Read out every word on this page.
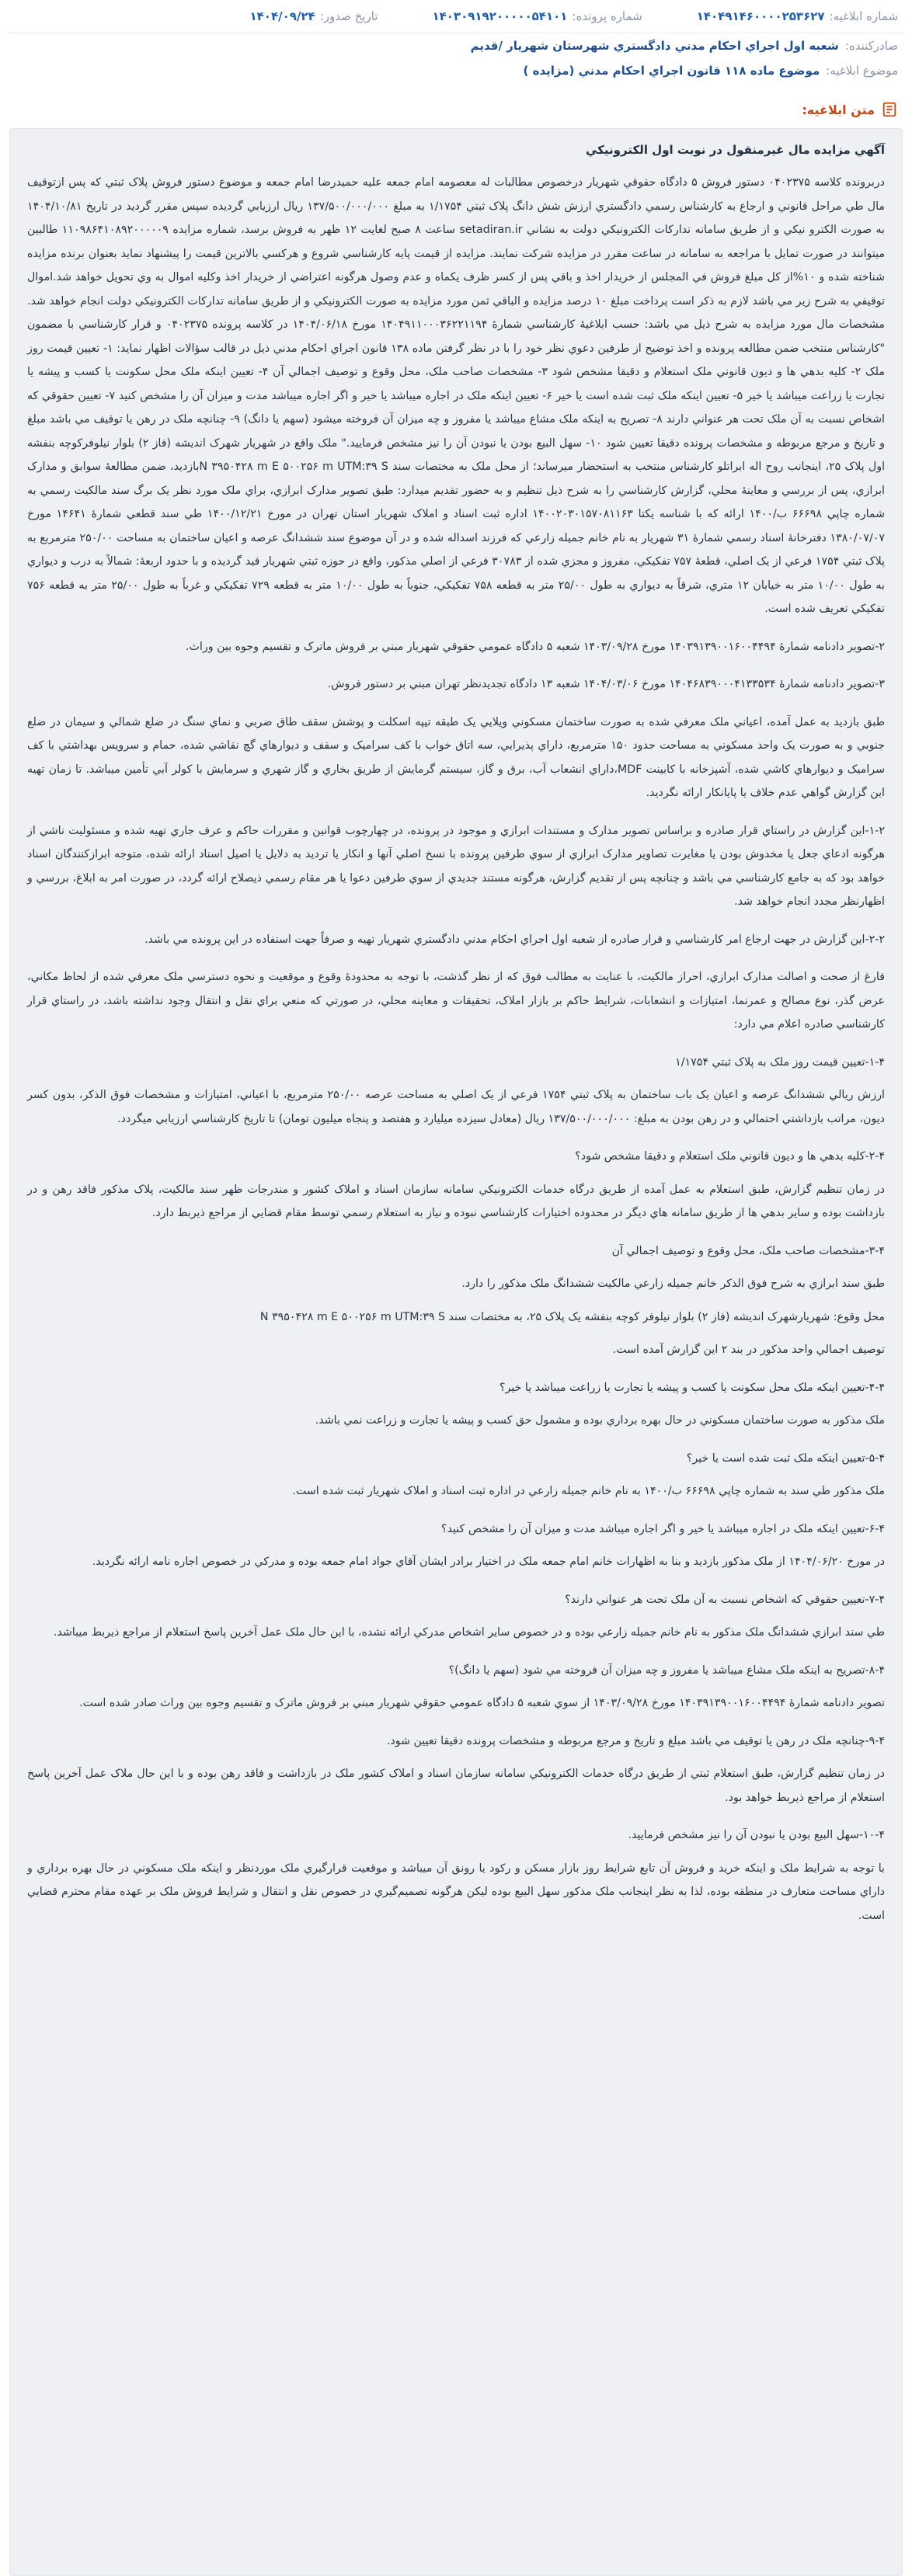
شماره ابلاغیه:
۱۴۰۴۹۱۴۶۰۰۰۰۲۵۳۶۲۷
شماره پرونده:
۱۴۰۳۰۹۱۹۲۰۰۰۰۰۵۴۱۰۱
تاریخ صدور:
۱۴۰۴/۰۹/۲۴
صادرکننده:
شعبه اول اجراي احکام مدني دادگستري شهرستان شهريار /قديم
موضوع ابلاغیه:
موضوع ماده ۱۱۸ قانون اجراي احکام مدني (مزايده )
متن ابلاغیه:

آگهي مزايده مال غيرمنقول در نوبت اول الکترونيکي

دربرونده کلاسه ۰۴۰۲۳۷۵ دستور فروش ۵ دادگاه حقوقي شهريار درخصوص مطالبات له معصومه امام جمعه عليه حميدرضا امام جمعه و موضوع دستور فروش پلاک ثبتي که پس ازتوقيف مال طي مراحل قانوني و ارجاع به کارشناس رسمي دادگستري ارزش شش دانگ پلاک ثبتي ۱/۱۷۵۴ به مبلغ ۱۳۷/۵۰۰/۰۰۰/۰۰۰ ريال ارزيابي گرديده سپس مقرر گرديد در تاريخ ۱۴۰۴/۱۰/۸۱ به صورت الکترو نيکي و از طريق سامانه تدارکات الکترونيکي دولت به نشاني setadiran.ir ساعت ۸ صبح لغايت ۱۲ ظهر به فروش برسد، شماره مزايده ۱۱۰۹۸۶۴۱۰۸۹۲۰۰۰۰۰۹ طالبين ميتوانند در صورت تمايل با مراجعه به سامانه در ساعت مقرر در مزايده شرکت نمايند. مزايده از قيمت پايه کارشناسي شروع و هرکسي بالاترين قيمت را پيشنهاد نمايد بعنوان برنده مزايده شناخته شده و ۱۰%از کل مبلغ فروش في المجلس از خريدار اخذ و باقي پس از کسر ظرف يکماه و عدم وصول هرگونه اعتراضي از خريدار اخذ وکليه اموال به وي تحويل خواهد شد.اموال توقيفي به شرح زير مي باشد لازم به ذکر است پرداخت مبلغ ۱۰ درصد مزايده و الباقي ثمن مورد مزايده به صورت الکترونيکي و از طريق سامانه تدارکات الکترونيکي دولت انجام خواهد شد. مشخصات مال مورد مزايده به شرح ذيل مي باشد: حسب ابلاغيۀ کارشناسي شمارۀ ۱۴۰۴۹۱۱۰۰۰۳۶۲۲۱۱۹۴ مورخ ۱۴۰۴/۰۶/۱۸ در کلاسه پرونده ۰۴۰۲۳۷۵ و قرار کارشناسي با مضمون "کارشناس منتخب ضمن مطالعه پرونده و اخذ توضيح از طرفين دعوي نظر خود را با در نظر گرفتن ماده ۱۳۸ قانون اجراي احکام مدني ذيل در قالب سؤالات اظهار نمايد: ۱- تعيين قيمت روز ملک ۲- کليه بدهي ها و ديون قانوني ملک استعلام و دقيقا مشخص شود ۳- مشخصات صاحب ملک، محل وقوع و توصيف اجمالي آن ۴- تعيين اينکه ملک محل سکونت يا کسب و پيشه يا تجارت يا زراعت ميباشد يا خير ۵- تعيين اينکه ملک ثبت شده است يا خير ۶- تعيين اينکه ملک در اجاره ميباشد يا خير و اگر اجاره ميباشد مدت و ميزان آن را مشخص کنيد ۷- تعيين حقوقي که اشخاص نسبت به آن ملک تحت هر عنواني دارند ۸- تصريح به اينکه ملک مشاع ميباشد يا مفروز و چه ميزان آن فروخته ميشود (سهم يا دانگ) ۹- چنانچه ملک در رهن يا توقيف مي باشد مبلغ و تاريخ و مرجع مربوطه و مشخصات پرونده دقيقا تعيين شود ۱۰- سهل البيع بودن يا نبودن آن را نيز مشخص فرماييد." ملک واقع در شهريار شهرک انديشه (فاز ۲) بلوار نيلوفرکوچه بنفشه اول پلاک ۲۵، اينجانب روح اله ابراتلو کارشناس منتخب به استحضار ميرساند؛ از محل ملک به مختصات سند N ۳۹۵۰۴۲۸ m E ۵۰۰۲۵۶ m UTM:۳۹ Sبازديد، ضمن مطالعۀ سوابق و مدارک ابرازي، پس از بررسي و معاينۀ محلي، گزارش کارشناسي را به شرح ذيل تنظيم و به حضور تقديم ميدارد: طبق تصوير مدارک ابرازي، براي ملک مورد نظر يک برگ سند مالکيت رسمي به شماره چاپي ۶۶۶۹۸ ب/۱۴۰۰ ارائه که با شناسه يکتا ۱۴۰۰۲۰۳۰۱۵۷۰۸۱۱۶۳ اداره ثبت اسناد و املاک شهريار استان تهران در مورخ ۱۴۰۰/۱۲/۲۱ طي سند قطعي شمارۀ ۱۴۶۴۱ مورخ ۱۳۸۰/۰۷/۰۷ دفترخانۀ اسناد رسمي شمارۀ ۳۱ شهريار به نام خانم جميله زارعي که فرزند اسداله شده و در آن موضوع سند ششدانگ عرصه و اعيان ساختمان به مساحت ۲۵۰/۰۰ مترمربع به پلاک ثبتي ۱۷۵۴ فرعي از يک اصلي، قطعۀ ۷۵۷ تفکيکي، مفروز و مجزي شده از ۳۰۷۸۳ فرعي از اصلي مذکور، واقع در حوزه ثبتي شهريار قيد گرديده و با حدود اربعۀ: شمالاً به درب و ديواري به طول ۱۰/۰۰ متر به خيابان ۱۲ متري، شرقاً به ديواري به طول ۲۵/۰۰ متر به قطعه ۷۵۸ تفکيکي، جنوباً به طول ۱۰/۰۰ متر به قطعه ۷۲۹ تفکيکي و غرباً به طول ۲۵/۰۰ متر به قطعه ۷۵۶ تفکيکي تعريف شده است.

۲-تصوير دادنامه شمارۀ ۱۴۰۳۹۱۳۹۰۰۱۶۰۰۴۴۹۴ مورخ ۱۴۰۳/۰۹/۲۸ شعبه ۵ دادگاه عمومي حقوقي شهريار مبني بر فروش ماترک و تقسيم وجوه بين وراث.

۳-تصوير دادنامه شمارۀ ۱۴۰۴۶۸۳۹۰۰۰۴۱۳۳۵۳۴ مورخ ۱۴۰۴/۰۳/۰۶ شعبه ۱۳ دادگاه تجديدنظر تهران مبني بر دستور فروش.

طبق بازديد به عمل آمده، اعياني ملک معرفي شده به صورت ساختمان مسکوني ويلايي يک طبقه تيپه اسکلت و پوشش سقف طاق ضربي و نماي سنگ در ضلع شمالي و سيمان در ضلع جنوبي و به صورت يک واحد مسکوني به مساحت حدود ۱۵۰ مترمربع، داراي پذيرايي، سه اتاق خواب با کف سراميک و سقف و ديوارهاي گچ نقاشي شده، حمام و سرويس بهداشتي با کف سراميک و ديوارهاي کاشي شده، آشپزخانه با کابينت MDF،داراي انشعاب آب، برق و گاز، سيستم گرمايش از طريق بخاري و گاز شهري و سرمايش با کولر آبي تأمين ميباشد. تا زمان تهيه اين گزارش گواهي عدم خلاف يا پايانکار ارائه نگرديد.

۱-۲-اين گزارش در راستاي قرار صادره و براساس تصوير مدارک و مستندات ابرازي و موجود در پرونده، در چهارچوب قوانين و مقررات حاکم و عرف جاري تهيه شده و مسئوليت ناشي از هرگونه ادعاي جعل يا مخدوش بودن يا مغايرت تصاوير مدارک ابرازي از سوي طرفين پرونده با نسخ اصلي آنها و انکار يا ترديد به دلايل يا اصيل اسناد ارائه شده، متوجه ابرازکنندگان اسناد خواهد بود که به جامع کارشناسي مي باشد و چنانچه پس از تقديم گزارش، هرگونه مستند جديدي از سوي طرفين دعوا يا هر مقام رسمي ذيصلاح ارائه گردد، در صورت امر به ابلاغ، بررسي و اظهارنظر مجدد انجام خواهد شد.

۲-۲-اين گزارش در جهت ارجاع امر کارشناسي و قرار صادره از شعبه اول اجراي احکام مدني دادگستري شهريار تهيه و صرفاً جهت استفاده در اين پرونده مي باشد.

فارغ از صحت و اصالت مدارک ابرازي، احراز مالکيت، با عنايت به مطالب فوق که از نظر گذشت، با توجه به محدودۀ وقوع و موقعيت و نحوه دسترسي ملک معرفي شده از لحاظ مکاني، عرض گذر، نوع مصالح و عمرنما، امتيازات و انشعابات، شرايط حاکم بر بازار املاک، تحقيقات و معاينه محلي، در صورتي که منعي براي نقل و انتقال وجود نداشته باشد، در راستاي قرار کارشناسي صادره اعلام مي دارد:

۱-۴-تعيين قيمت روز ملک به پلاک ثبتي ۱/۱۷۵۴

ارزش ريالي ششدانگ عرصه و اعيان يک باب ساختمان به پلاک ثبتي ۱۷۵۴ فرعي از يک اصلي به مساحت عرصه ۲۵۰/۰۰ مترمربع، با اعياني، امتيازات و مشخصات فوق الذکر، بدون کسر ديون، مراتب بازداشتي احتمالي و در رهن بودن به مبلغ: ۱۳۷/۵۰۰/۰۰۰/۰۰۰ ريال (معادل سيزده ميليارد و هفتصد و پنجاه ميليون تومان) تا تاريخ کارشناسي ارزيابي ميگردد.

۲-۴-کليه بدهي ها و ديون قانوني ملک استعلام و دقيقا مشخص شود؟

در زمان تنظيم گزارش، طبق استعلام به عمل آمده از طريق درگاه خدمات الکترونيکي سامانه سازمان اسناد و املاک کشور و مندرجات ظهر سند مالکيت، پلاک مذکور فاقد رهن و در بازداشت بوده و ساير بدهي ها از طريق سامانه هاي ديگر در محدوده اختيارات کارشناسي نبوده و نياز به استعلام رسمي توسط مقام قضايي از مراجع ذيربط دارد.

۳-۴-مشخصات صاحب ملک، محل وقوع و توصيف اجمالي آن

طبق سند ابرازي به شرح فوق الذکر خانم جميله زارعي مالکيت ششدانگ ملک مذکور را دارد.

محل وقوع: شهريارشهرک انديشه (فاز ۲) بلوار نيلوفر کوچه بنفشه يک پلاک ۲۵، به مختصات سند N ۳۹۵۰۴۲۸ m E ۵۰۰۲۵۶ m UTM:۳۹ S

توصيف اجمالي واحد مذکور در بند ۲ اين گزارش آمده است.

۴-۴-تعيين اينکه ملک محل سکونت يا کسب و پيشه يا تجارت يا زراعت ميباشد يا خير؟

ملک مذکور به صورت ساختمان مسکوني در حال بهره برداري بوده و مشمول حق کسب و پيشه يا تجارت و زراعت نمي باشد.

۵-۴-تعيين اينکه ملک ثبت شده است يا خير؟

ملک مذکور طي سند به شماره چاپي ۶۶۶۹۸ ب/۱۴۰۰ به نام خانم جميله زارعي در اداره ثبت اسناد و املاک شهريار ثبت شده است.

۶-۴-تعيين اينکه ملک در اجاره ميباشد يا خير و اگر اجاره ميباشد مدت و ميزان آن را مشخص کنيد؟

در مورخ ۱۴۰۴/۰۶/۲۰ از ملک مذکور بازديد و بنا به اظهارات خانم امام جمعه ملک در اختيار برادر ايشان آقاي جواد امام جمعه بوده و مدرکي در خصوص اجاره نامه ارائه نگرديد.

۷-۴-تعيين حقوقي که اشخاص نسبت به آن ملک تحت هر عنواني دارند؟

طي سند ابرازي ششدانگ ملک مذکور به نام خانم جميله زارعي بوده و در خصوص ساير اشخاص مدرکي ارائه نشده، با اين حال ملک عمل آخرين پاسخ استعلام از مراجع ذيربط ميباشد.

۸-۴-تصريح به اينکه ملک مشاع ميباشد يا مفروز و چه ميزان آن فروخته مي شود (سهم يا دانگ)؟

تصوير دادنامه شمارۀ ۱۴۰۳۹۱۳۹۰۰۱۶۰۰۴۴۹۴ مورخ ۱۴۰۳/۰۹/۲۸ از سوي شعبه ۵ دادگاه عمومي حقوقي شهريار مبني بر فروش ماترک و تقسيم وجوه بين وراث صادر شده است.

۹-۴-چنانچه ملک در رهن يا توقيف مي باشد مبلغ و تاريخ و مرجع مربوطه و مشخصات پرونده دقيقا تعيين شود.

در زمان تنظيم گزارش، طبق استعلام ثبتي از طريق درگاه خدمات الکترونيکي سامانه سازمان اسناد و املاک کشور ملک در بازداشت و فاقد رهن بوده و با اين حال ملاک عمل آخرين پاسخ استعلام از مراجع ذيربط خواهد بود.

۱۰-۴-سهل البيع بودن يا نبودن آن را نيز مشخص فرماييد.

با توجه به شرايط ملک و اينکه خريد و فروش آن تابع شرايط روز بازار مسکن و رکود يا رونق آن ميباشد و موقعيت قرارگيري ملک موردنظر و اينکه ملک مسکوني در حال بهره برداري و داراي مساحت متعارف در منطقه بوده، لذا به نظر اينجانب ملک مذکور سهل البيع بوده ليکن هرگونه تصميم‌گيري در خصوص نقل و انتقال و شرايط فروش ملک بر عهده مقام محترم قضايي است.
